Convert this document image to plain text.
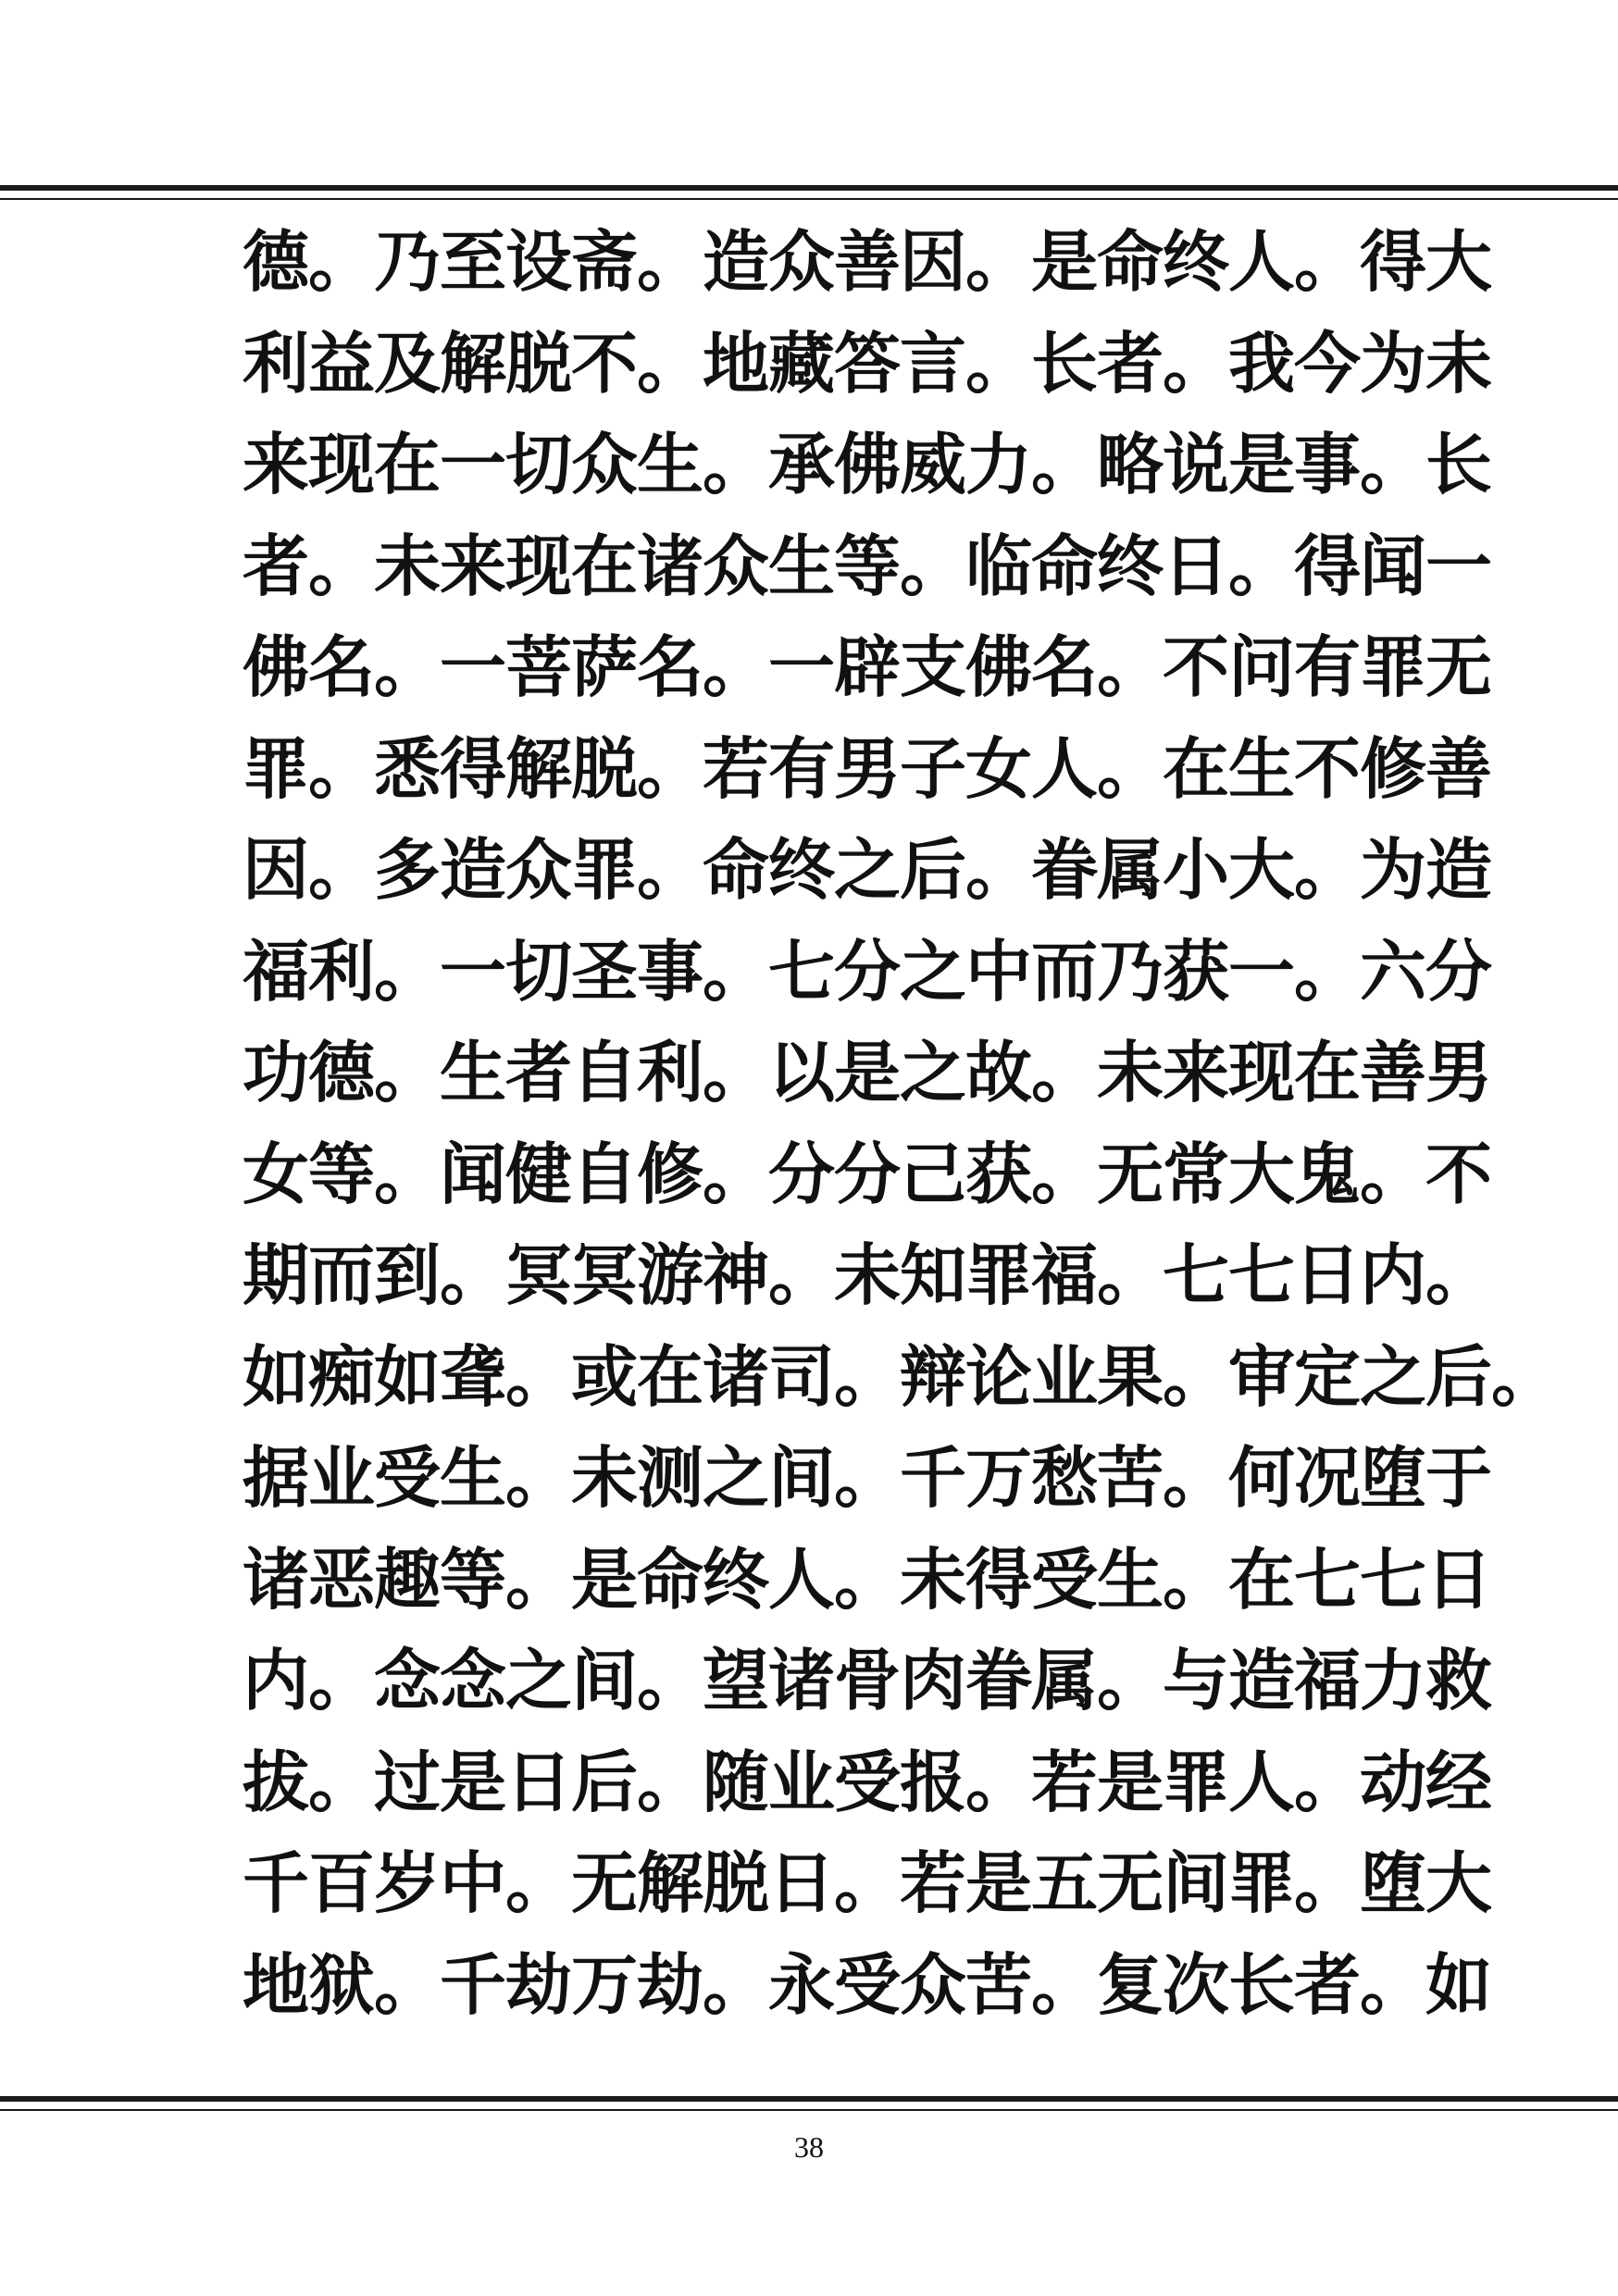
德。乃至设斋。造众善因。是命终人。得大
利益及解脱不。地藏答言。长者。我今为未
来现在一切众生。承佛威力。略说是事。长
者。未来现在诸众生等。临命终日。得闻一
佛名。一菩萨名。一辟支佛名。不问有罪无
罪。悉得解脱。若有男子女人。在生不修善
因。多造众罪。命终之后。眷属小大。为造
福利。一切圣事。七分之中而乃获一。六分
功德。生者自利。以是之故。未来现在善男
女等。闻健自修。分分己获。无常大鬼。不
期而到。冥冥游神。未知罪福。七七日内。
如痴如聋。或在诸司。辩论业果。审定之后。
据业受生。未测之间。千万愁苦。何况堕于
诸恶趣等。是命终人。未得受生。在七七日
内。念念之间。望诸骨肉眷属。与造福力救
拔。过是日后。随业受报。若是罪人。动经
千百岁中。无解脱日。若是五无间罪。堕大
地狱。千劫万劫。永受众苦。复次长者。如
38
